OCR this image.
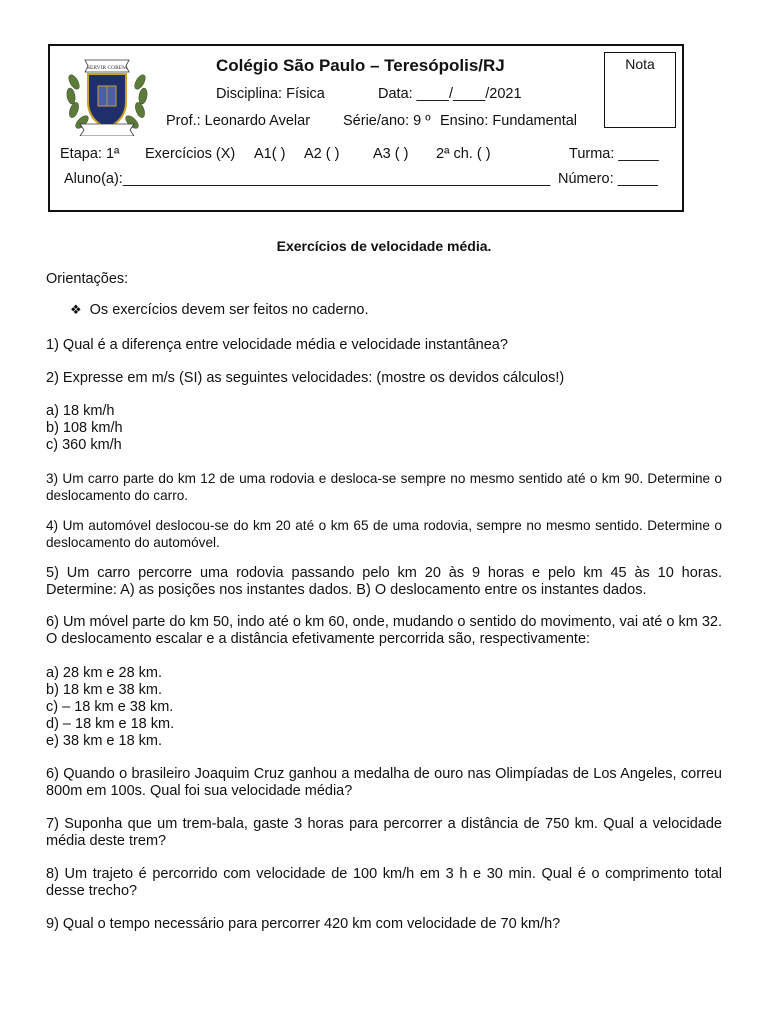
SERVIR COREM	Nota
Colégio São Paulo – Teresópolis/RJ
Disciplina: Física	Data: ____/____/2021
Prof.: Leonardo Avelar Série/ano: 9 º Ensino: Fundamental
Etapa: 1ª Exercícios (X) A1( ) A2 ( ) A3 ( ) 2ª ch. ( )	Turma: _____
Aluno(a):_____________________________________________________ Número: _____
Exercícios de velocidade média.
Orientações:
❖ Os exercícios devem ser feitos no caderno.
1) Qual é a diferença entre velocidade média e velocidade instantânea?
2) Expresse em m/s (SI) as seguintes velocidades: (mostre os devidos cálculos!)
a) 18 km/h
b) 108 km/h
c) 360 km/h
3) Um carro parte do km 12 de uma rodovia e desloca-se sempre no mesmo sentido até o km 90. Determine o deslocamento do carro.
4) Um automóvel deslocou-se do km 20 até o km 65 de uma rodovia, sempre no mesmo sentido. Determine o deslocamento do automóvel.
5) Um carro percorre uma rodovia passando pelo km 20 às 9 horas e pelo km 45 às 10 horas. Determine: A) as posições nos instantes dados. B) O deslocamento entre os instantes dados.
6) Um móvel parte do km 50, indo até o km 60, onde, mudando o sentido do movimento, vai até o km 32. O deslocamento escalar e a distância efetivamente percorrida são, respectivamente:
a) 28 km e 28 km.
b) 18 km e 38 km.
c) – 18 km e 38 km.
d) – 18 km e 18 km.
e) 38 km e 18 km.
6) Quando o brasileiro Joaquim Cruz ganhou a medalha de ouro nas Olimpíadas de Los Angeles, correu 800m em 100s. Qual foi sua velocidade média?
7) Suponha que um trem-bala, gaste 3 horas para percorrer a distância de 750 km. Qual a velocidade média deste trem?
8) Um trajeto é percorrido com velocidade de 100 km/h em 3 h e 30 min. Qual é o comprimento total desse trecho?
9) Qual o tempo necessário para percorrer 420 km com velocidade de 70 km/h?
